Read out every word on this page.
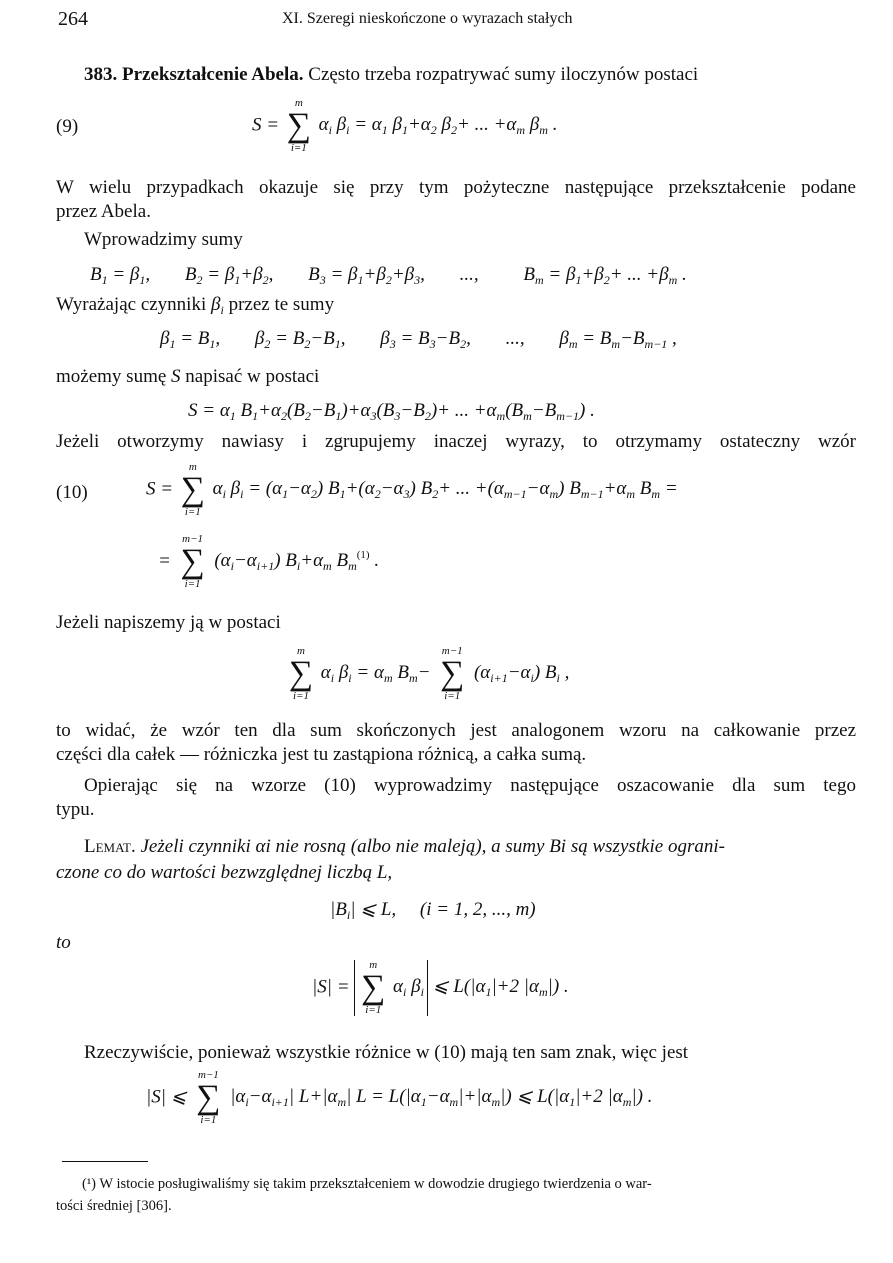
264	XI. Szeregi nieskończone o wyrazach stałych
383. Przekształcenie Abela. Często trzeba rozpatrywać sumy iloczynów postaci
(9)	S =
m
∑
i=1
$\alpha_i$ $\beta_i = \alpha_1$ $\beta_1+\alpha_2$ $\beta_2+$ ... $+\alpha_m$ $\beta_m$ .
W wielu przypadkach okazuje się przy tym pożyteczne następujące przekształcenie podane
przez Abela.
Wprowadzimy sumy
$B_1 = \beta_1$, $B_2 = \beta_1+\beta_2$, $B_3 = \beta_1+\beta_2+\beta_3$, ..., $B_m = \beta_1+\beta_2+$ ... $+\beta_m$ .
Wyrażając czynniki $\beta_i$ przez te sumy
$\beta_1 = B_1$, $\beta_2 = B_2-B_1$, $\beta_3 = B_3-B_2$, ..., $\beta_m = B_m-B_{m-1}$ ,
możemy sumę S napisać w postaci
$S = \alpha_1$ $B_1+\alpha_2(B_2-B_1)+\alpha_3(B_3-B_2)+$ ... $+\alpha_m(B_m-B_{m-1})$ .
Jeżeli otworzymy nawiasy i zgrupujemy inaczej wyrazy, to otrzymamy ostateczny wzór
(10)	S =
m
∑
i=1
$\alpha_i$ $\beta_i = (\alpha_1-\alpha_2)$ $B_1+(\alpha_2-\alpha_3)$ $B_2+$ ... $+(\alpha_{m-1}-\alpha_m)$ $B_{m-1}+\alpha_m$ $B_m$ =
=
m−1
∑
i=1
$(\alpha_i-\alpha_{i+1})$ $B_i+\alpha_m$ $B_m^{(1)}$ .
Jeżeli napiszemy ją w postaci
m
∑
i=1
$\alpha_i$ $\beta_i = \alpha_m$ $B_m-$
m−1
∑
i=1
$(\alpha_{i+1}-\alpha_i)$ $B_i$ ,
to widać, że wzór ten dla sum skończonych jest analogonem wzoru na całkowanie przez
części dla całek — różniczka jest tu zastąpiona różnicą, a całka sumą.
Opierając się na wzorze (10) wyprowadzimy następujące oszacowanie dla sum tego
typu.
Lemat. Jeżeli czynniki αi nie rosną (albo nie maleją), a sumy Bi są wszystkie ograni-
czone co do wartości bezwzględnej liczbą L,
$|B_i|$ ⩽ L,     (i = 1, 2, ..., m)
to
|S| =
m
∑
i=1
$\alpha_i$ $\beta_i$ ⩽ $L(|\alpha_1|+2$ $|\alpha_m|$) .
Rzeczywiście, ponieważ wszystkie różnice w (10) mają ten sam znak, więc jest
|S| ⩽
m−1
∑
i=1
$|\alpha_i-\alpha_{i+1}|$ $L+|\alpha_m|$ $L = L(|\alpha_1-\alpha_m|+|\alpha_m|)$ ⩽ $L(|\alpha_1|+2$ $|\alpha_m|$) .
(¹) W istocie posługiwaliśmy się takim przekształceniem w dowodzie drugiego twierdzenia o war-
tości średniej [306].
